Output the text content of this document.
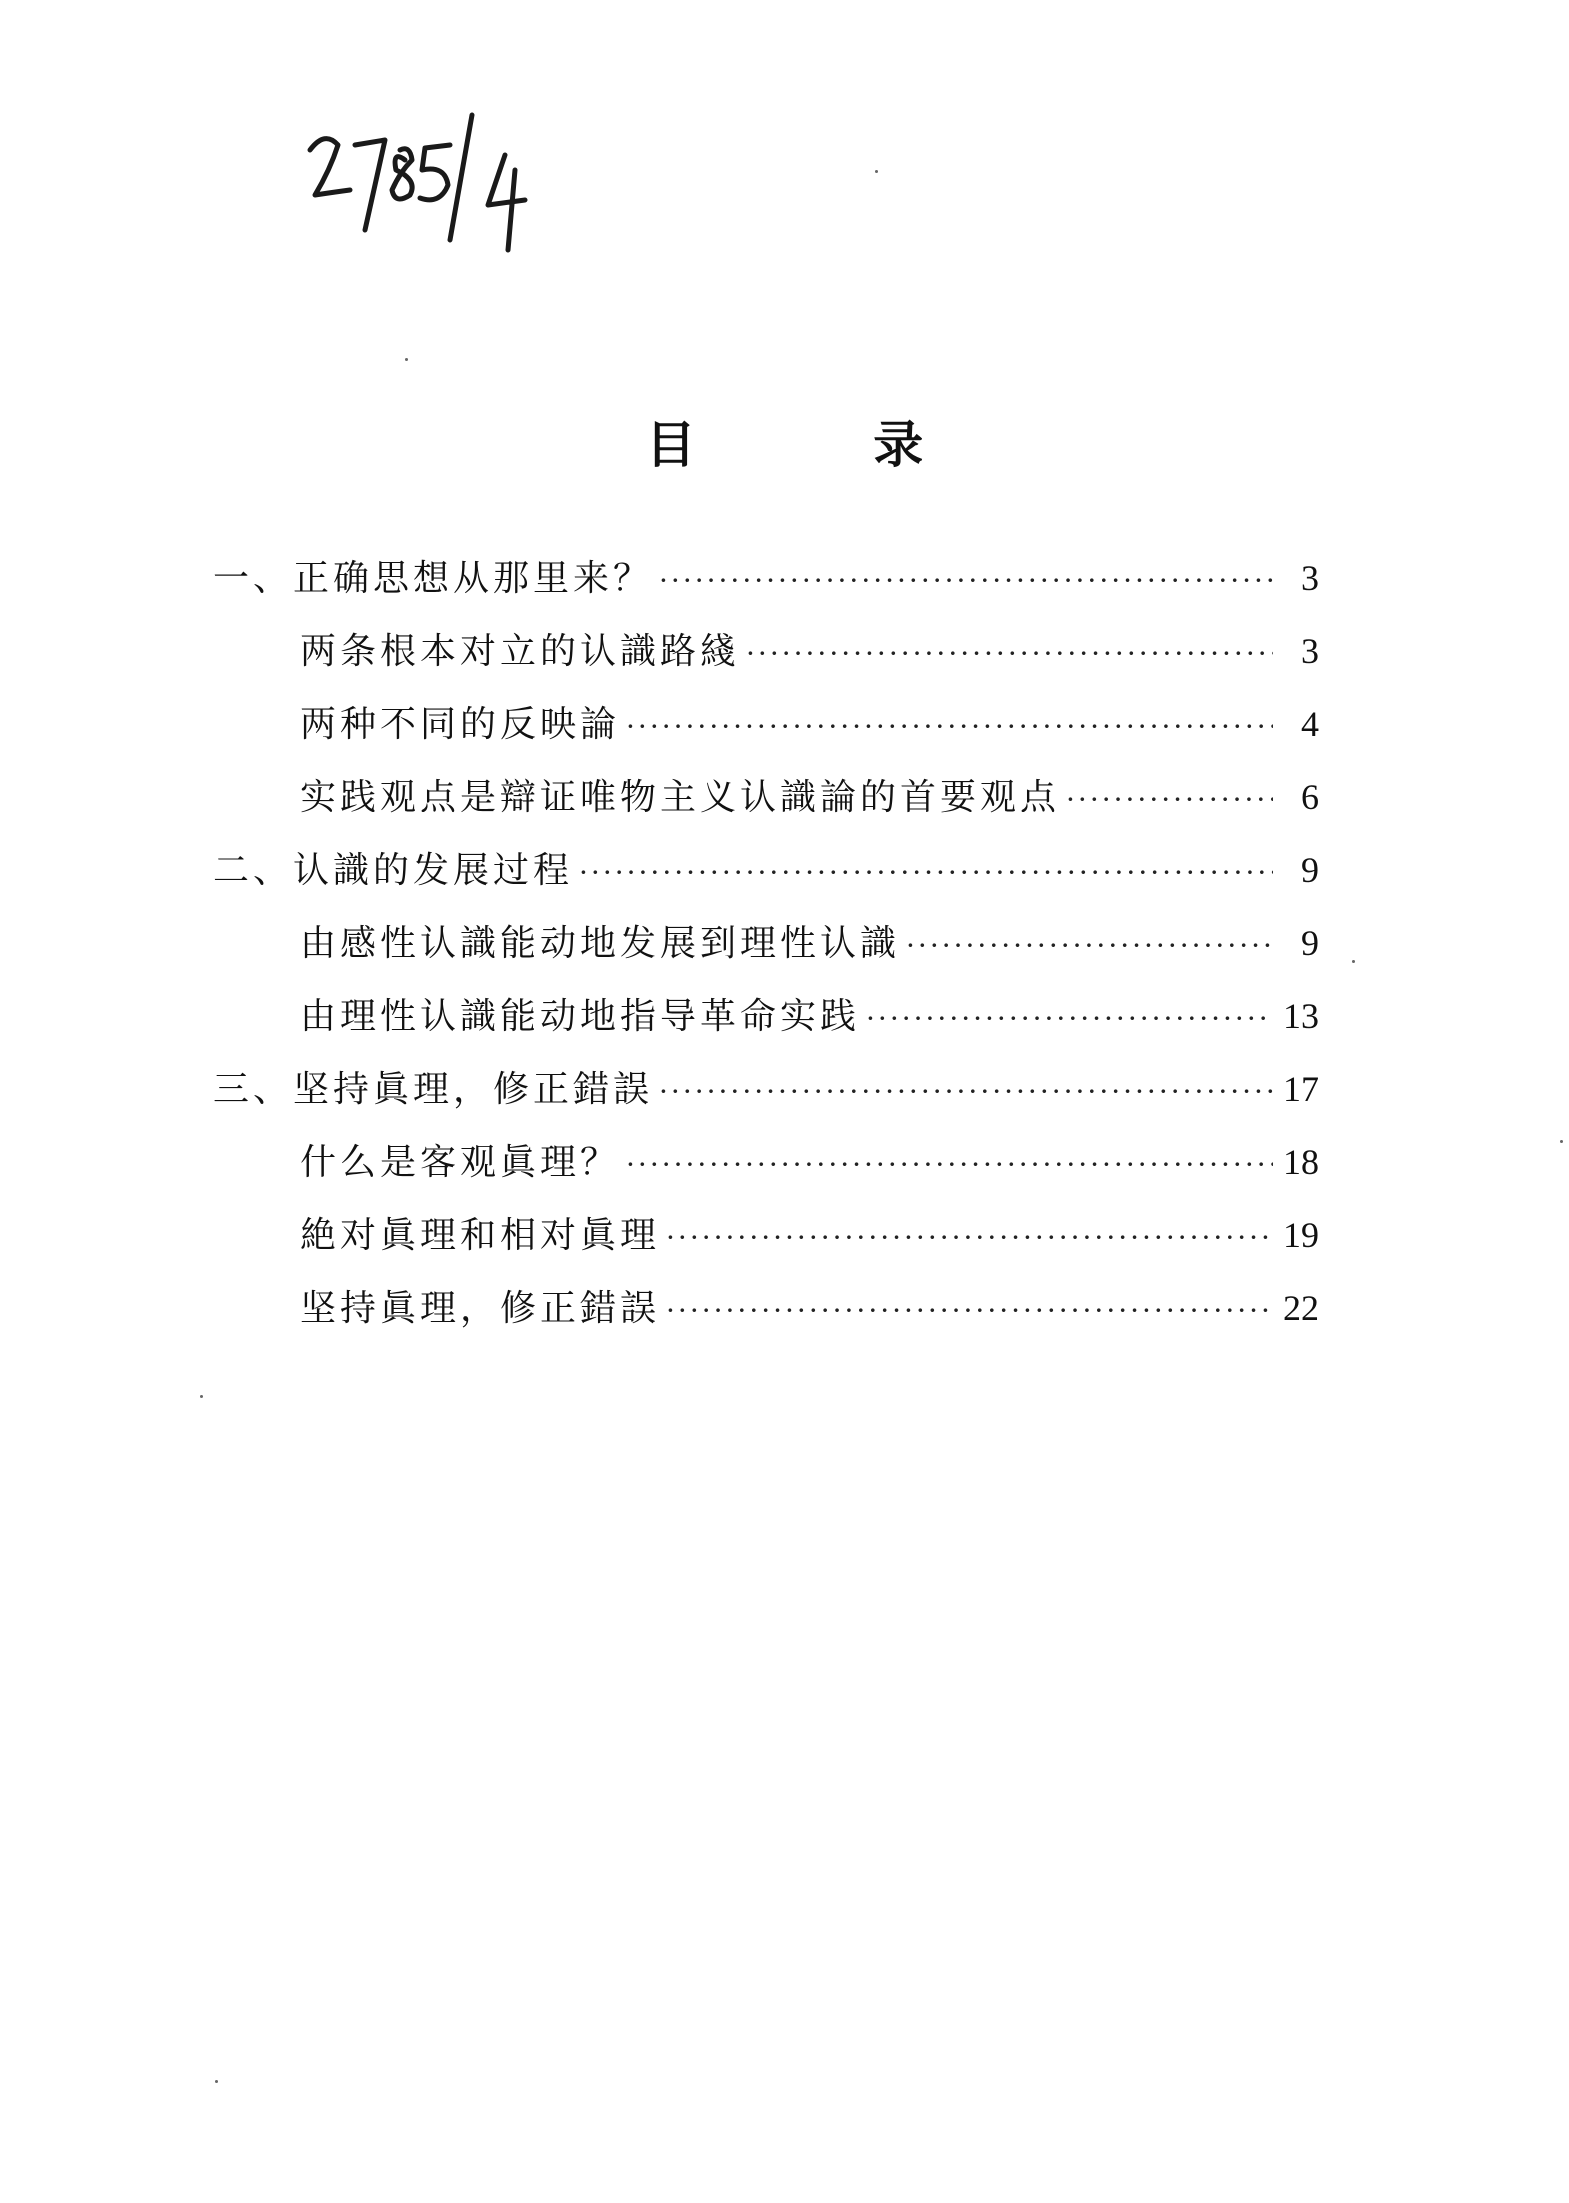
目 录
一、正确思想从那里来？ ·····	3
两条根本对立的认識路綫 ·····	3
两种不同的反映論 ·····	4
实践观点是辯证唯物主义认識論的首要观点 ·····	6
二、认識的发展过程 ·····	9
由感性认識能动地发展到理性认識 ·····	9
由理性认識能动地指导革命实践 ·····	13
三、坚持眞理，修正錯誤 ·····	17
什么是客观眞理？ ·····	18
絶对眞理和相对眞理 ·····	19
坚持眞理，修正錯誤 ·····	22
